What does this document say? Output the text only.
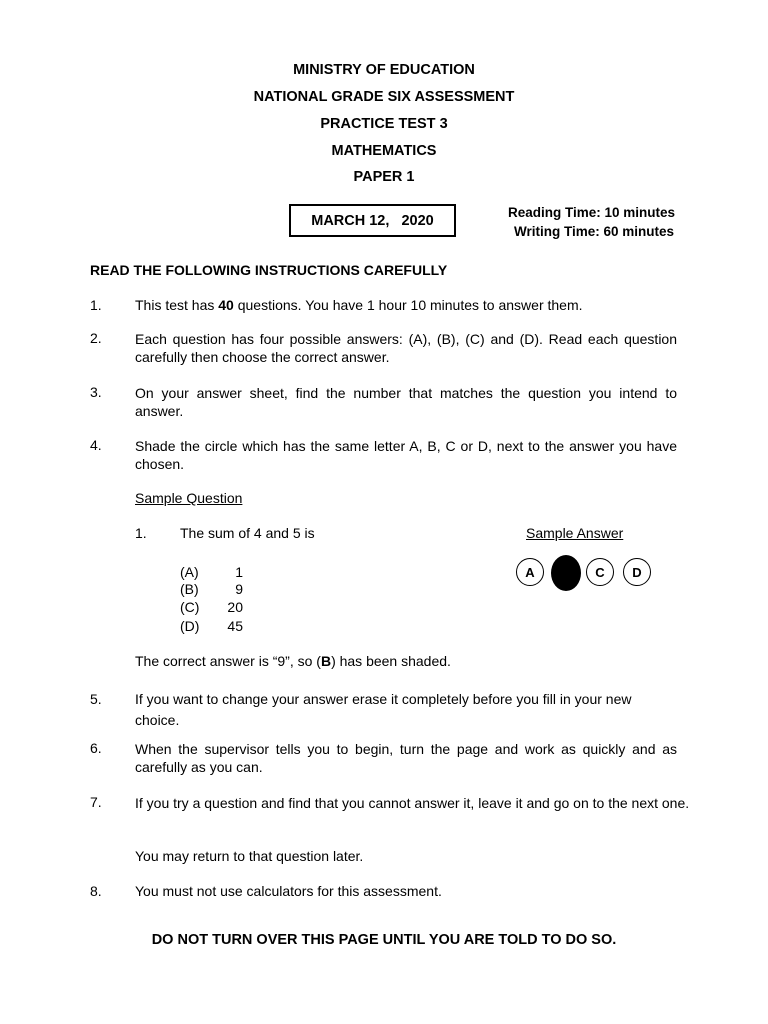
MINISTRY OF EDUCATION
NATIONAL GRADE SIX ASSESSMENT
PRACTICE TEST 3
MATHEMATICS
PAPER 1
MARCH 12,   2020	Reading Time: 10 minutes
Writing Time: 60 minutes
READ THE FOLLOWING INSTRUCTIONS CAREFULLY
1. This test has 40 questions. You have 1 hour 10 minutes to answer them.
2. Each question has four possible answers: (A), (B), (C) and (D). Read each question carefully then choose the correct answer.
3. On your answer sheet, find the number that matches the question you intend to answer.
4. Shade the circle which has the same letter A, B, C or D, next to the answer you have chosen.
Sample Question
1. The sum of 4 and 5 is	Sample Answer
(A)	1
(B)	9
(C)	20
(D)	45
A	C D
The correct answer is “9”, so (B) has been shaded.
5. If you want to change your answer erase it completely before you fill in your new
choice.
6. When the supervisor tells you to begin, turn the page and work as quickly and as carefully as you can.
7. If you try a question and find that you cannot answer it, leave it and go on to the next one.
You may return to that question later.
8. You must not use calculators for this assessment.
DO NOT TURN OVER THIS PAGE UNTIL YOU ARE TOLD TO DO SO.
